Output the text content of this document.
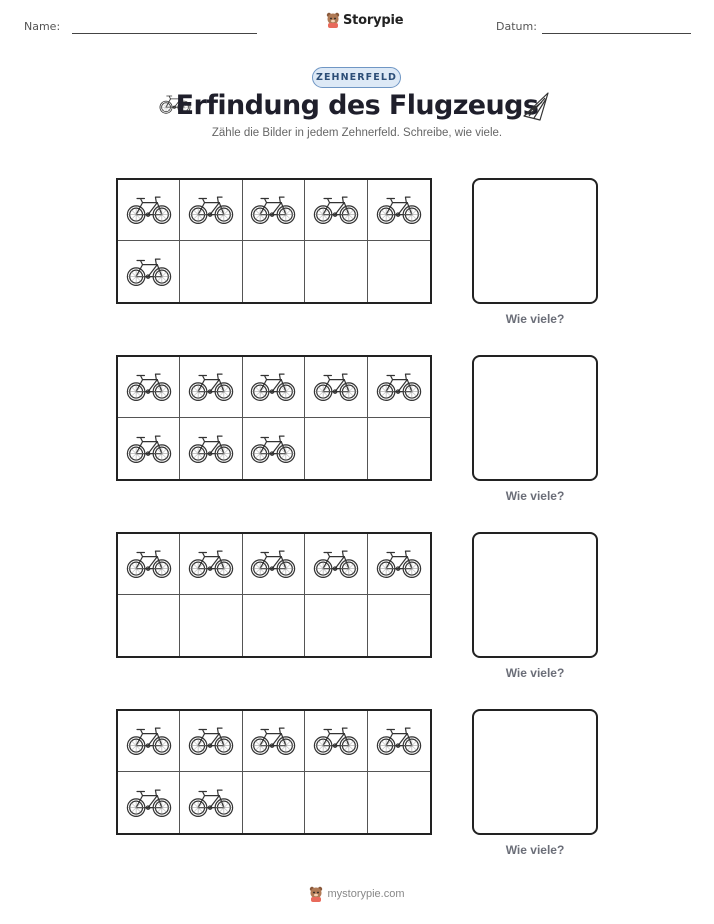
Name:	Storypie	Datum:
ZEHNERFELD
Erfindung des Flugzeugs
Zähle die Bilder in jedem Zehnerfeld. Schreibe, wie viele.
Wie viele?
Wie viele?
Wie viele?
Wie viele?
mystorypie.com
